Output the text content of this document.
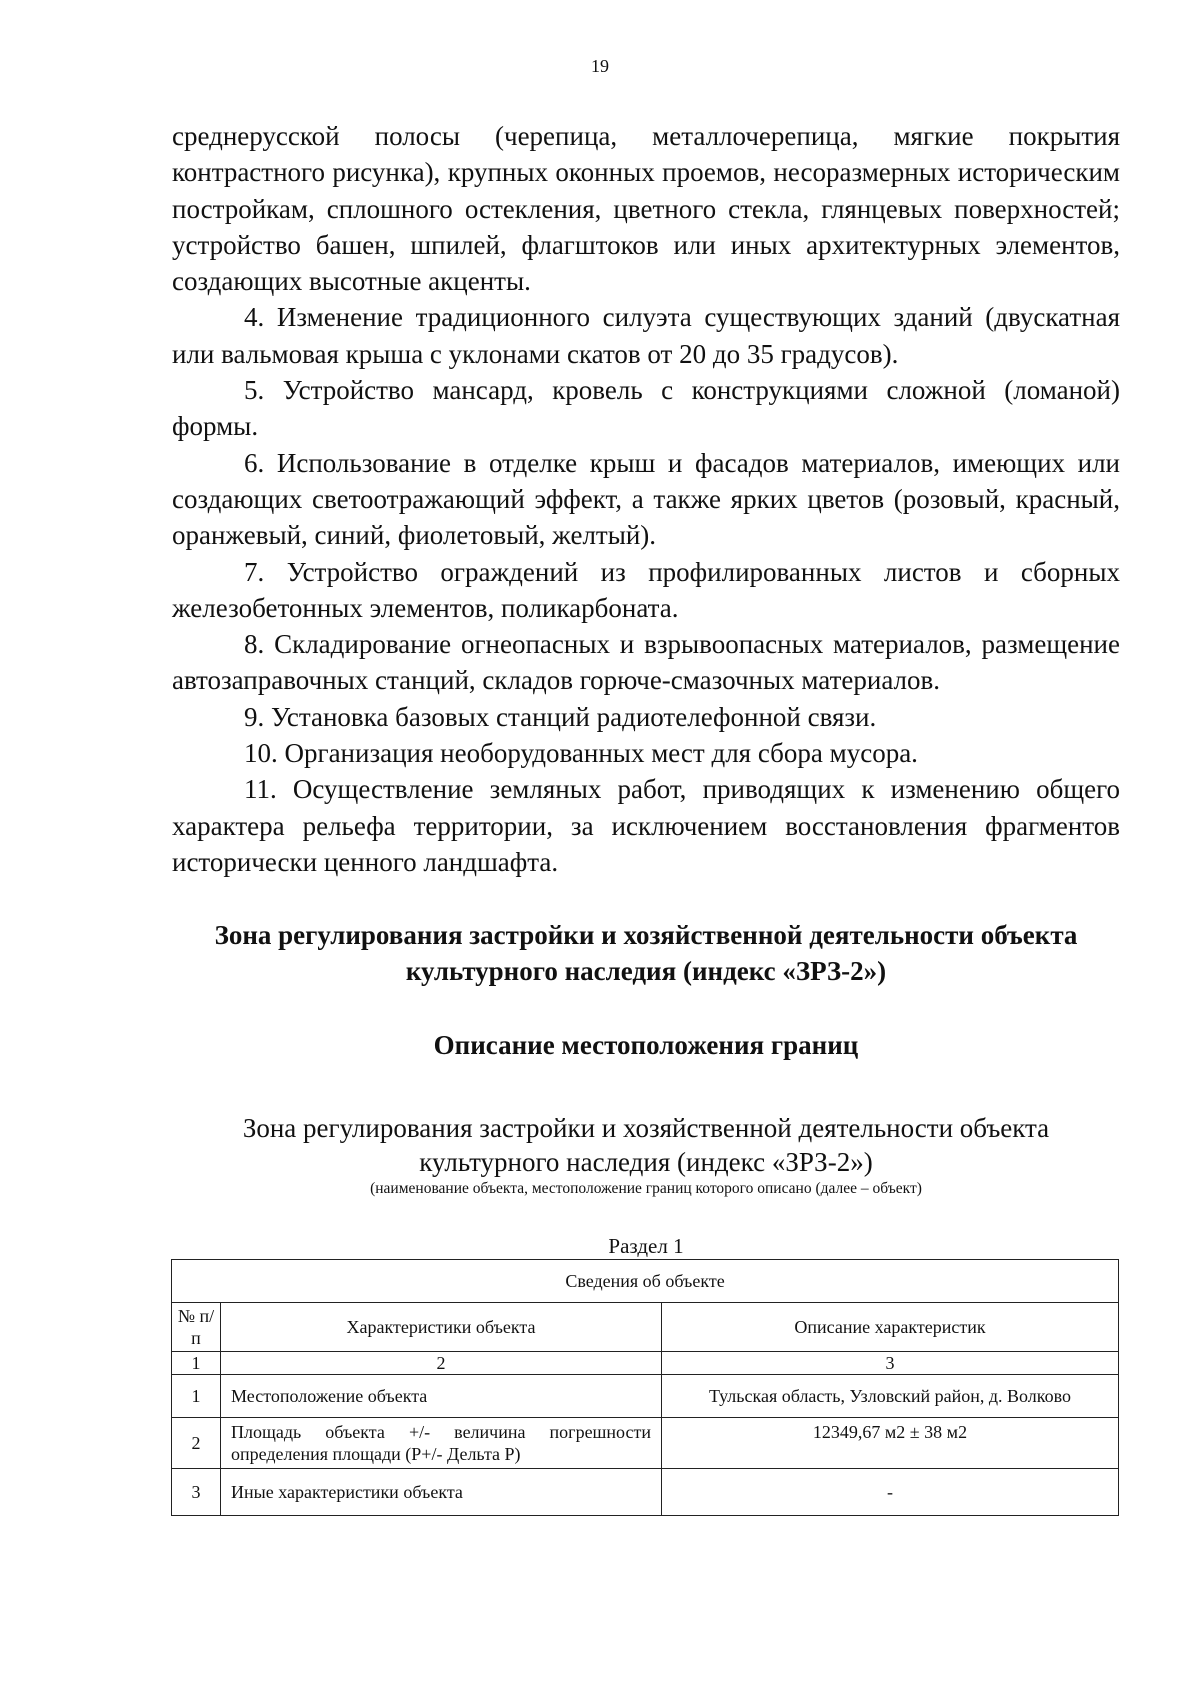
19

среднерусской полосы (черепица, металлочерепица, мягкие покрытия контрастного рисунка), крупных оконных проемов, несоразмерных историческим постройкам, сплошного остекления, цветного стекла, глянцевых поверхностей; устройство башен, шпилей, флагштоков или иных архитектурных элементов, создающих высотные акценты.

4. Изменение традиционного силуэта существующих зданий (двускатная или вальмовая крыша с уклонами скатов от 20 до 35 градусов).

5. Устройство мансард, кровель с конструкциями сложной (ломаной) формы.

6. Использование в отделке крыш и фасадов материалов, имеющих или создающих светоотражающий эффект, а также ярких цветов (розовый, красный, оранжевый, синий, фиолетовый, желтый).

7. Устройство ограждений из профилированных листов и сборных железобетонных элементов, поликарбоната.

8. Складирование огнеопасных и взрывоопасных материалов, размещение автозаправочных станций, складов горюче-смазочных материалов.

9. Установка базовых станций радиотелефонной связи.

10. Организация необорудованных мест для сбора мусора.

11. Осуществление земляных работ, приводящих к изменению общего характера рельефа территории, за исключением восстановления фрагментов исторически ценного ландшафта.

Зона регулирования застройки и хозяйственной деятельности объекта культурного наследия (индекс «ЗРЗ-2»)
Описание местоположения границ
Зона регулирования застройки и хозяйственной деятельности объекта культурного наследия (индекс «ЗРЗ-2»)
(наименование объекта, местоположение границ которого описано (далее – объект)
Раздел 1
Сведения об объекте		
№ п/п	Характеристики объекта	Описание характеристик
1	2	3
1	Местоположение объекта	Тульская область, Узловский район, д. Волково
2	Площадь объекта +/- величина погрешности определения площади (Р+/- Дельта Р)	12349,67 м2 ± 38 м2
3	Иные характеристики объекта	-
